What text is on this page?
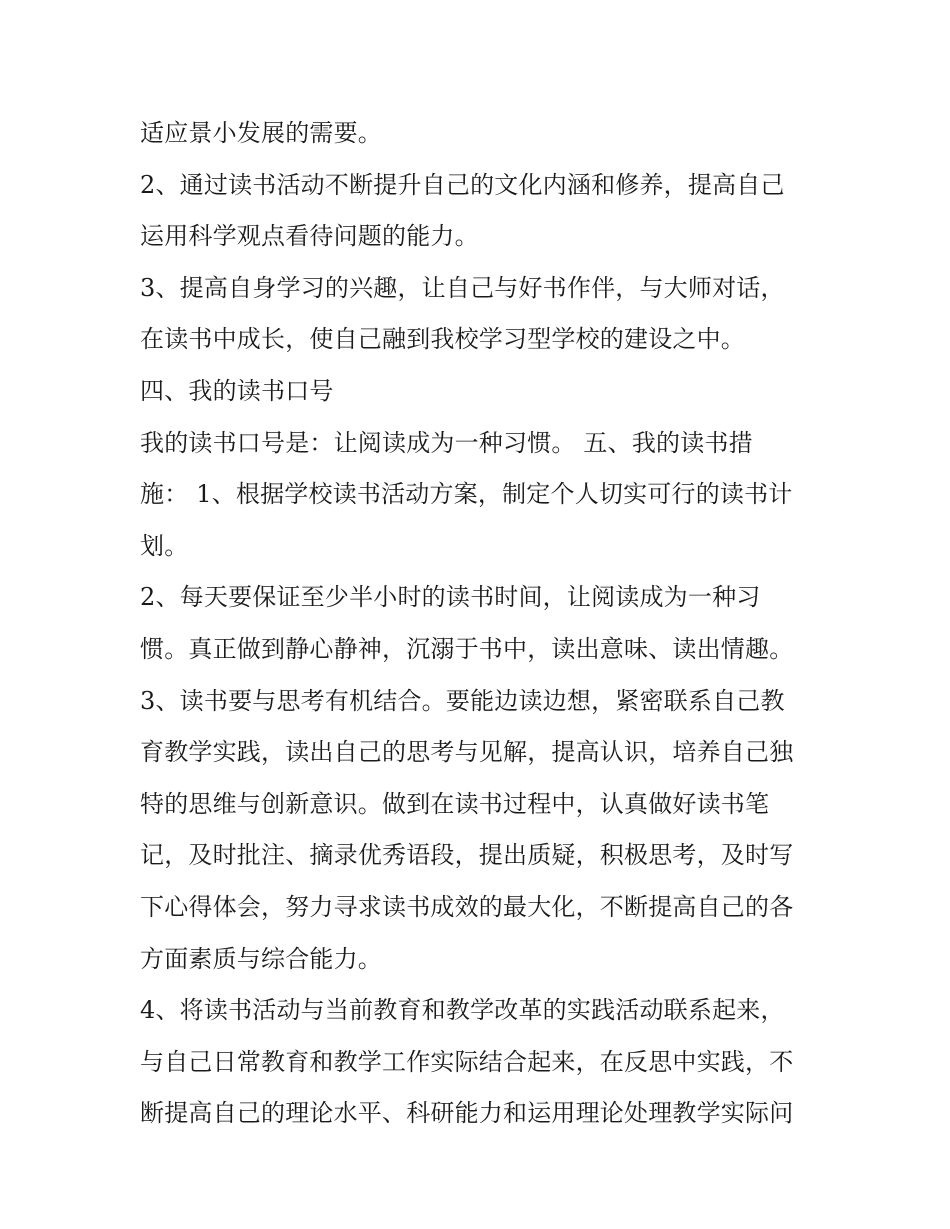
适应景小发展的需要。
2、通过读书活动不断提升自己的文化内涵和修养，提高自己
运用科学观点看待问题的能力。
3、提高自身学习的兴趣，让自己与好书作伴，与大师对话，
在读书中成长，使自己融到我校学习型学校的建设之中。
四、我的读书口号
我的读书口号是：让阅读成为一种习惯。 五、我的读书措
施： 1、根据学校读书活动方案，制定个人切实可行的读书计
划。
2、每天要保证至少半小时的读书时间，让阅读成为一种习
惯。真正做到静心静神，沉溺于书中，读出意味、读出情趣。
3、读书要与思考有机结合。要能边读边想，紧密联系自己教
育教学实践，读出自己的思考与见解，提高认识，培养自己独
特的思维与创新意识。做到在读书过程中，认真做好读书笔
记，及时批注、摘录优秀语段，提出质疑，积极思考，及时写
下心得体会，努力寻求读书成效的最大化，不断提高自己的各
方面素质与综合能力。
4、将读书活动与当前教育和教学改革的实践活动联系起来，
与自己日常教育和教学工作实际结合起来，在反思中实践，不
断提高自己的理论水平、科研能力和运用理论处理教学实际问
